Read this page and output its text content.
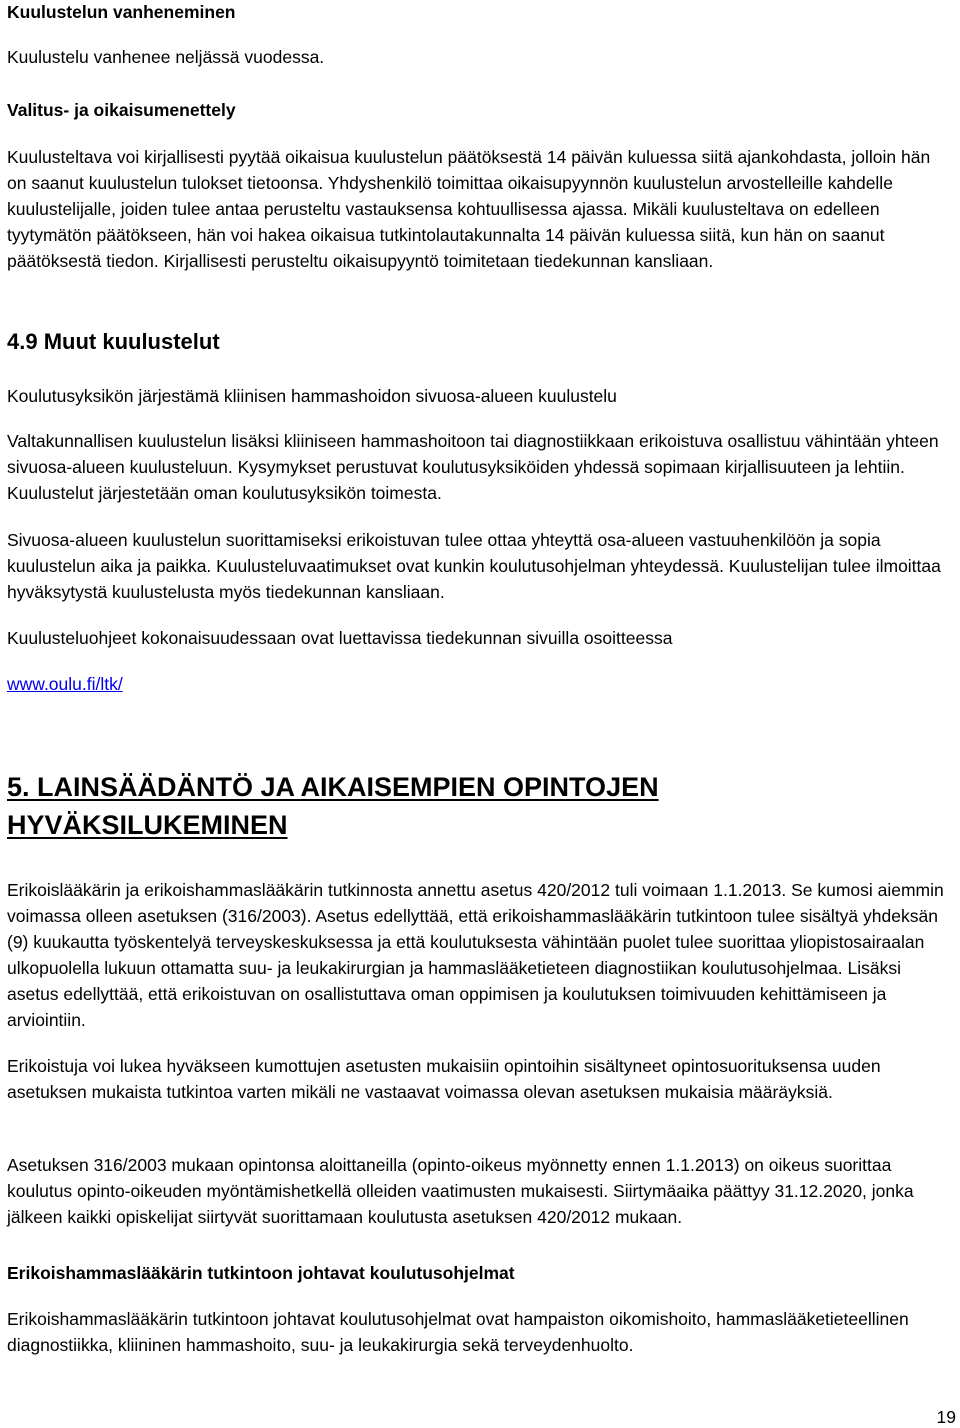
Kuulustelun vanheneminen

Kuulustelu vanhenee neljässä vuodessa.

Valitus- ja oikaisumenettely

Kuulusteltava voi kirjallisesti pyytää oikaisua kuulustelun päätöksestä 14 päivän kuluessa siitä ajankohdasta, jolloin hän on saanut kuulustelun tulokset tietoonsa. Yhdyshenkilö toimittaa oikaisupyynnön kuulustelun arvostelleille kahdelle kuulustelijalle, joiden tulee antaa perusteltu vastauksensa kohtuullisessa ajassa. Mikäli kuulusteltava on edelleen tyytymätön päätökseen, hän voi hakea oikaisua tutkintolautakunnalta 14 päivän kuluessa siitä, kun hän on saanut päätöksestä tiedon. Kirjallisesti perusteltu oikaisupyyntö toimitetaan tiedekunnan kansliaan.

4.9 Muut kuulustelut

Koulutusyksikön järjestämä kliinisen hammashoidon sivuosa-alueen kuulustelu

Valtakunnallisen kuulustelun lisäksi kliiniseen hammashoitoon tai diagnostiikkaan erikoistuva osallistuu vähintään yhteen sivuosa-alueen kuulusteluun. Kysymykset perustuvat koulutusyksiköiden yhdessä sopimaan kirjallisuuteen ja lehtiin. Kuulustelut järjestetään oman koulutusyksikön toimesta.

Sivuosa-alueen kuulustelun suorittamiseksi erikoistuvan tulee ottaa yhteyttä osa-alueen vastuuhenkilöön ja sopia kuulustelun aika ja paikka. Kuulusteluvaatimukset ovat kunkin koulutusohjelman yhteydessä. Kuulustelijan tulee ilmoittaa hyväksytystä kuulustelusta myös tiedekunnan kansliaan.

Kuulusteluohjeet kokonaisuudessaan ovat luettavissa tiedekunnan sivuilla osoitteessa

www.oulu.fi/ltk/
5. LAINSÄÄDÄNTÖ JA AIKAISEMPIEN OPINTOJEN
HYVÄKSILUKEMINEN

Erikoislääkärin ja erikoishammaslääkärin tutkinnosta annettu asetus 420/2012 tuli voimaan 1.1.2013. Se kumosi aiemmin voimassa olleen asetuksen (316/2003). Asetus edellyttää, että erikoishammaslääkärin tutkintoon tulee sisältyä yhdeksän (9) kuukautta työskentelyä terveyskeskuksessa ja että koulutuksesta vähintään puolet tulee suorittaa yliopistosairaalan ulkopuolella lukuun ottamatta suu- ja leukakirurgian ja hammaslääketieteen diagnostiikan koulutusohjelmaa. Lisäksi asetus edellyttää, että erikoistuvan on osallistuttava oman oppimisen ja koulutuksen toimivuuden kehittämiseen ja arviointiin.

Erikoistuja voi lukea hyväkseen kumottujen asetusten mukaisiin opintoihin sisältyneet opintosuorituksensa uuden asetuksen mukaista tutkintoa varten mikäli ne vastaavat voimassa olevan asetuksen mukaisia määräyksiä.

Asetuksen 316/2003 mukaan opintonsa aloittaneilla (opinto-oikeus myönnetty ennen 1.1.2013) on oikeus suorittaa koulutus opinto-oikeuden myöntämishetkellä olleiden vaatimusten mukaisesti. Siirtymäaika päättyy 31.12.2020, jonka jälkeen kaikki opiskelijat siirtyvät suorittamaan koulutusta asetuksen 420/2012 mukaan.

Erikoishammaslääkärin tutkintoon johtavat koulutusohjelmat

Erikoishammaslääkärin tutkintoon johtavat koulutusohjelmat ovat hampaiston oikomishoito, hammaslääketieteellinen diagnostiikka, kliininen hammashoito, suu- ja leukakirurgia sekä terveydenhuolto.

19
